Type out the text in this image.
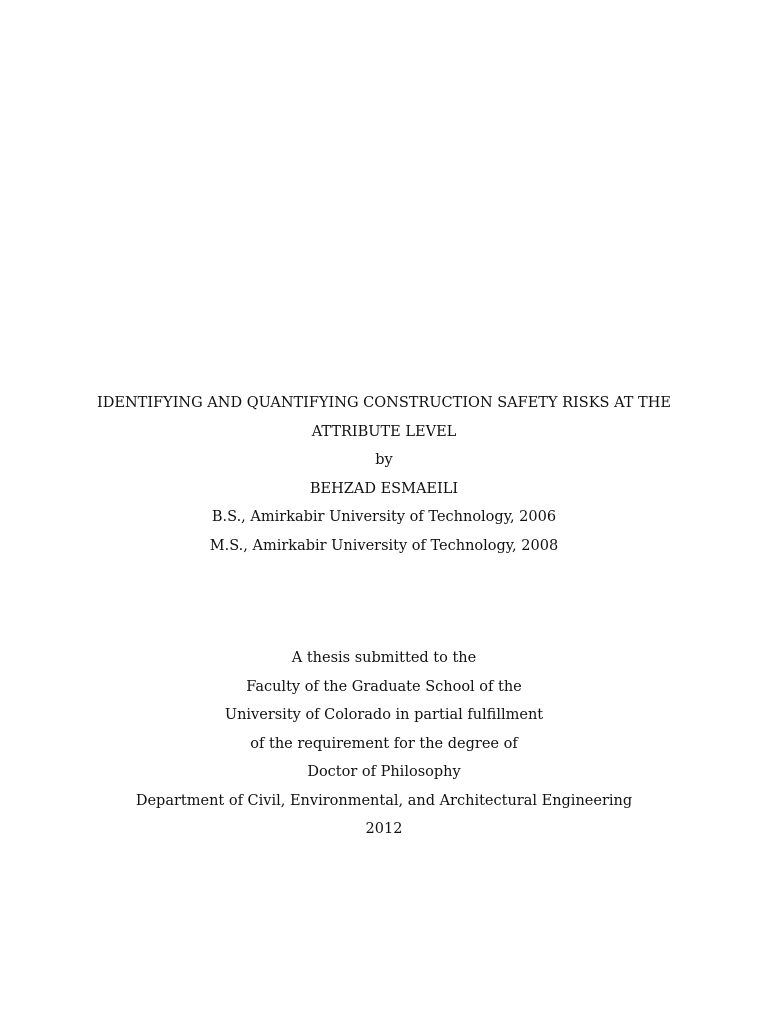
IDENTIFYING AND QUANTIFYING CONSTRUCTION SAFETY RISKS AT THE
ATTRIBUTE LEVEL
by
BEHZAD ESMAEILI
B.S., Amirkabir University of Technology, 2006
M.S., Amirkabir University of Technology, 2008
A thesis submitted to the
Faculty of the Graduate School of the
University of Colorado in partial fulfillment
of the requirement for the degree of
Doctor of Philosophy
Department of Civil, Environmental, and Architectural Engineering
2012
